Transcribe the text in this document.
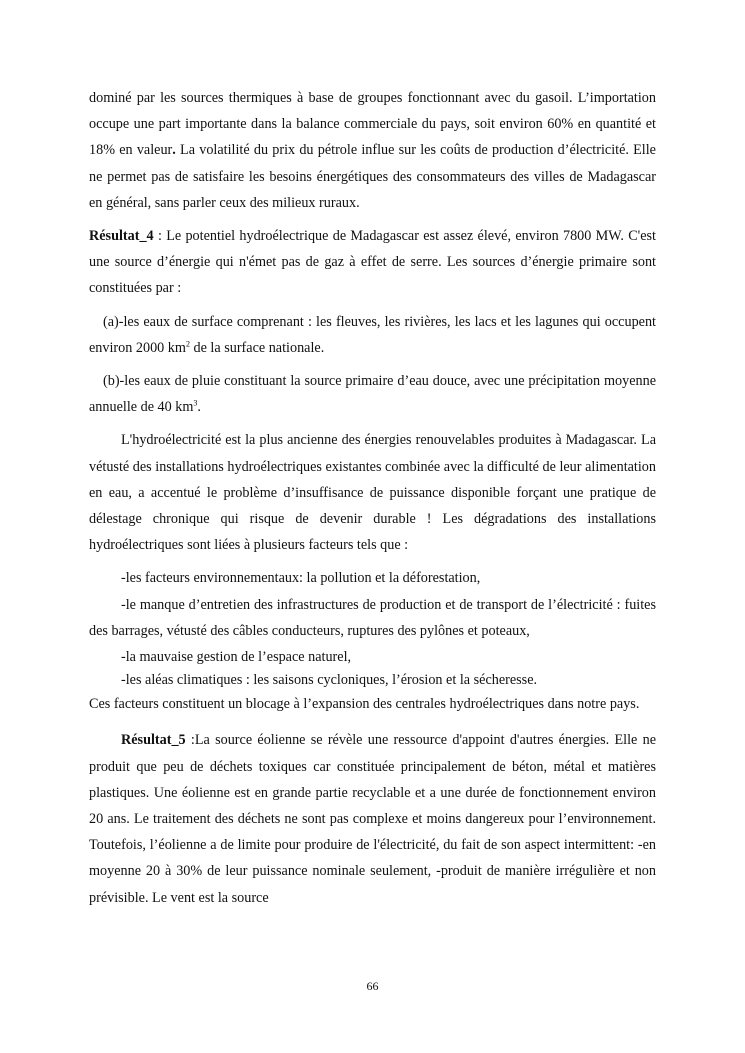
dominé par les sources thermiques à base de groupes fonctionnant avec du gasoil. L’importation occupe une part importante dans la balance commerciale du pays, soit environ 60% en quantité et 18% en valeur. La volatilité du prix du pétrole influe sur les coûts de production d’électricité. Elle ne permet pas de satisfaire les besoins énergétiques des consommateurs des villes de Madagascar en général, sans parler ceux des milieux ruraux.

Résultat_4 : Le potentiel hydroélectrique de Madagascar est assez élevé, environ 7800 MW. C'est une source d’énergie qui n'émet pas de gaz à effet de serre. Les sources d’énergie primaire sont constituées par :

(a)-les eaux de surface comprenant : les fleuves, les rivières, les lacs et les lagunes qui occupent environ 2000 $km^2$ de la surface nationale.

(b)-les eaux de pluie constituant la source primaire d’eau douce, avec une précipitation moyenne annuelle de 40 $km^3$.

L'hydroélectricité est la plus ancienne des énergies renouvelables produites à Madagascar. La vétusté des installations hydroélectriques existantes combinée avec la difficulté de leur alimentation en eau, a accentué le problème d’insuffisance de puissance disponible forçant une pratique de délestage chronique qui risque de devenir durable ! Les dégradations des installations hydroélectriques sont liées à plusieurs facteurs tels que :

-les facteurs environnementaux: la pollution et la déforestation,

-le manque d’entretien des infrastructures de production et de transport de l’électricité : fuites des barrages, vétusté des câbles conducteurs, ruptures des pylônes et poteaux,

-la mauvaise gestion de l’espace naturel,

-les aléas climatiques : les saisons cycloniques, l’érosion et la sécheresse.

Ces facteurs constituent un blocage à l’expansion des centrales hydroélectriques dans notre pays.

Résultat_5 :La source éolienne se révèle une ressource d'appoint d'autres énergies. Elle ne produit que peu de déchets toxiques car constituée principalement de béton, métal et matières plastiques. Une éolienne est en grande partie recyclable et a une durée de fonctionnement environ 20 ans. Le traitement des déchets ne sont pas complexe et moins dangereux pour l’environnement. Toutefois, l’éolienne a de limite pour produire de l'électricité, du fait de son aspect intermittent: -en moyenne 20 à 30% de leur puissance nominale seulement, -produit de manière irrégulière et non prévisible. Le vent est la source

66
